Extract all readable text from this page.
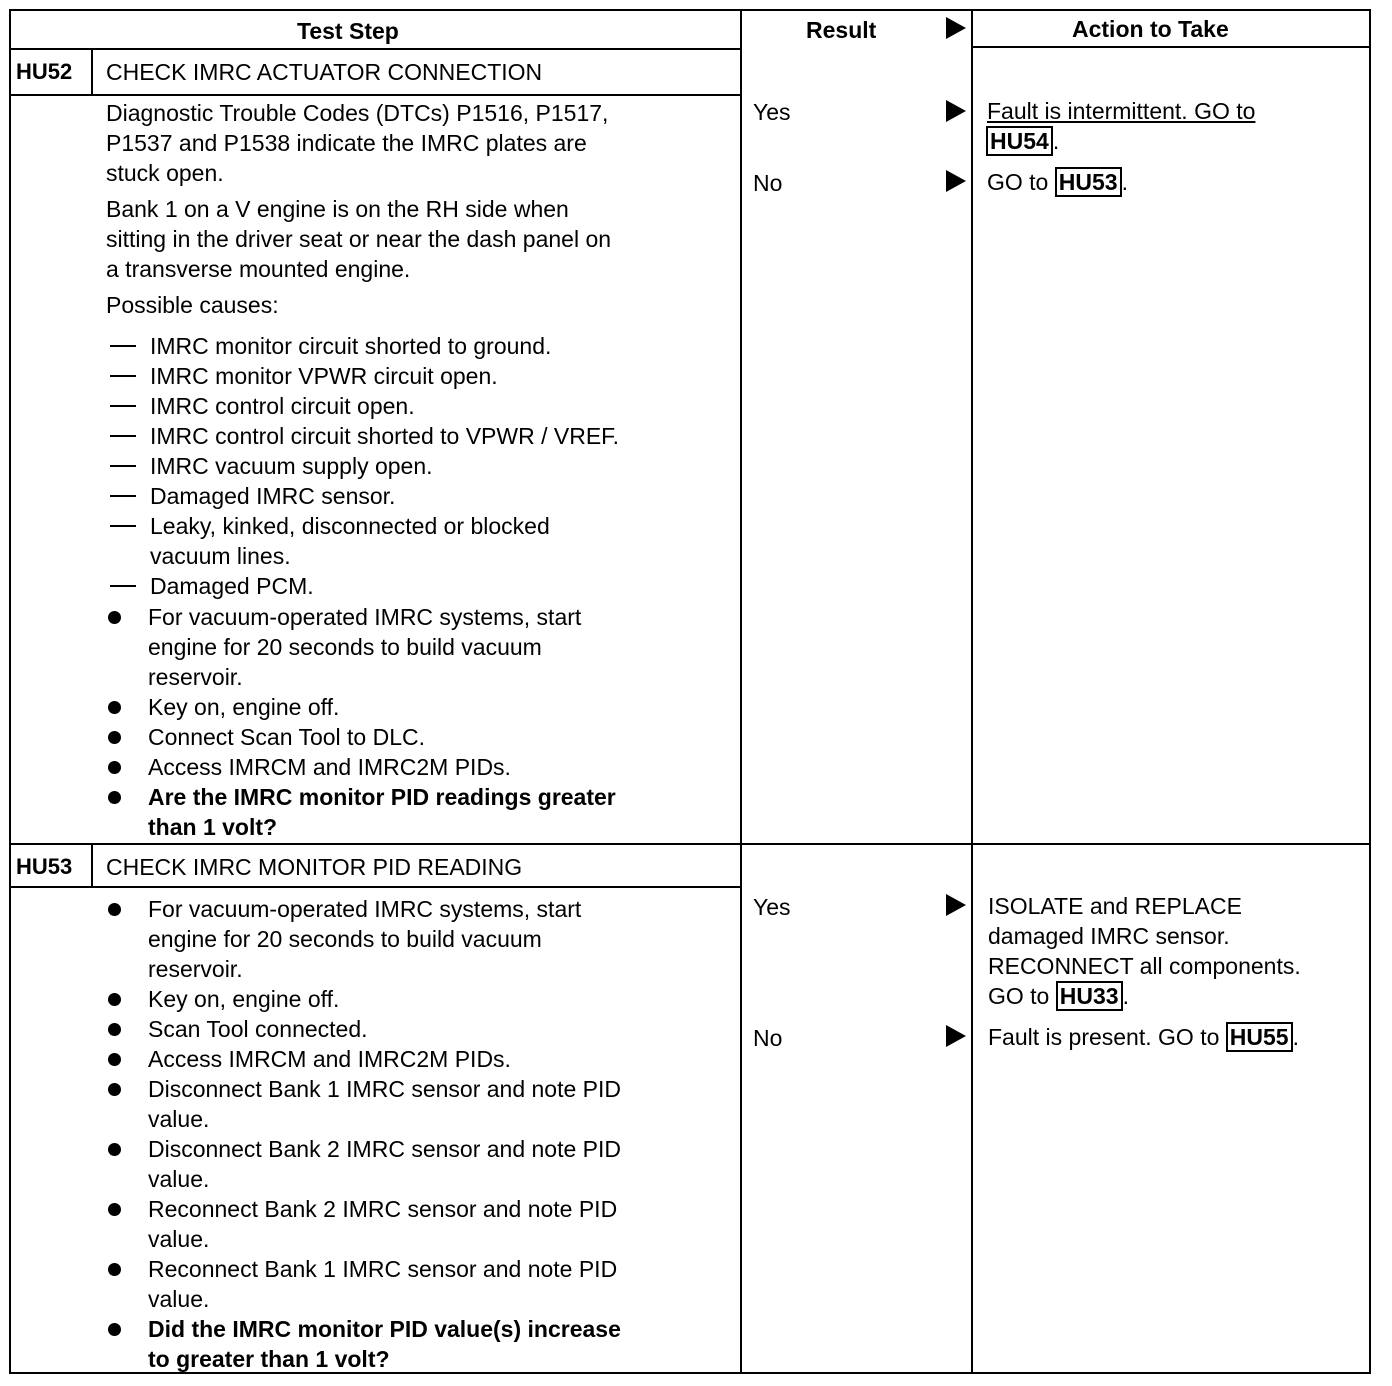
Test Step	Result	Action to Take
HU52 CHECK IMRC ACTUATOR CONNECTION
Diagnostic Trouble Codes (DTCs) P1516, P1517,
P1537 and P1538 indicate the IMRC plates are
stuck open.
Bank 1 on a V engine is on the RH side when
sitting in the driver seat or near the dash panel on
a transverse mounted engine.
Possible causes:
IMRC monitor circuit shorted to ground.
IMRC monitor VPWR circuit open.
IMRC control circuit open.
IMRC control circuit shorted to VPWR / VREF.
IMRC vacuum supply open.
Damaged IMRC sensor.
Leaky, kinked, disconnected or blocked
vacuum lines.
Damaged PCM.
For vacuum-operated IMRC systems, start
engine for 20 seconds to build vacuum
reservoir.
Key on, engine off.
Connect Scan Tool to DLC.
Access IMRCM and IMRC2M PIDs.
Are the IMRC monitor PID readings greater
than 1 volt?
Yes	Fault is intermittent. GO to
HU54 .
No	GO to HU53 .
HU53 CHECK IMRC MONITOR PID READING
For vacuum-operated IMRC systems, start
engine for 20 seconds to build vacuum
reservoir.
Key on, engine off.
Scan Tool connected.
Access IMRCM and IMRC2M PIDs.
Disconnect Bank 1 IMRC sensor and note PID
value.
Disconnect Bank 2 IMRC sensor and note PID
value.
Reconnect Bank 2 IMRC sensor and note PID
value.
Reconnect Bank 1 IMRC sensor and note PID
value.
Did the IMRC monitor PID value(s) increase
to greater than 1 volt?
Yes	ISOLATE and REPLACE
damaged IMRC sensor.
RECONNECT all components.
GO to HU33 .
No	Fault is present. GO to HU55 .
